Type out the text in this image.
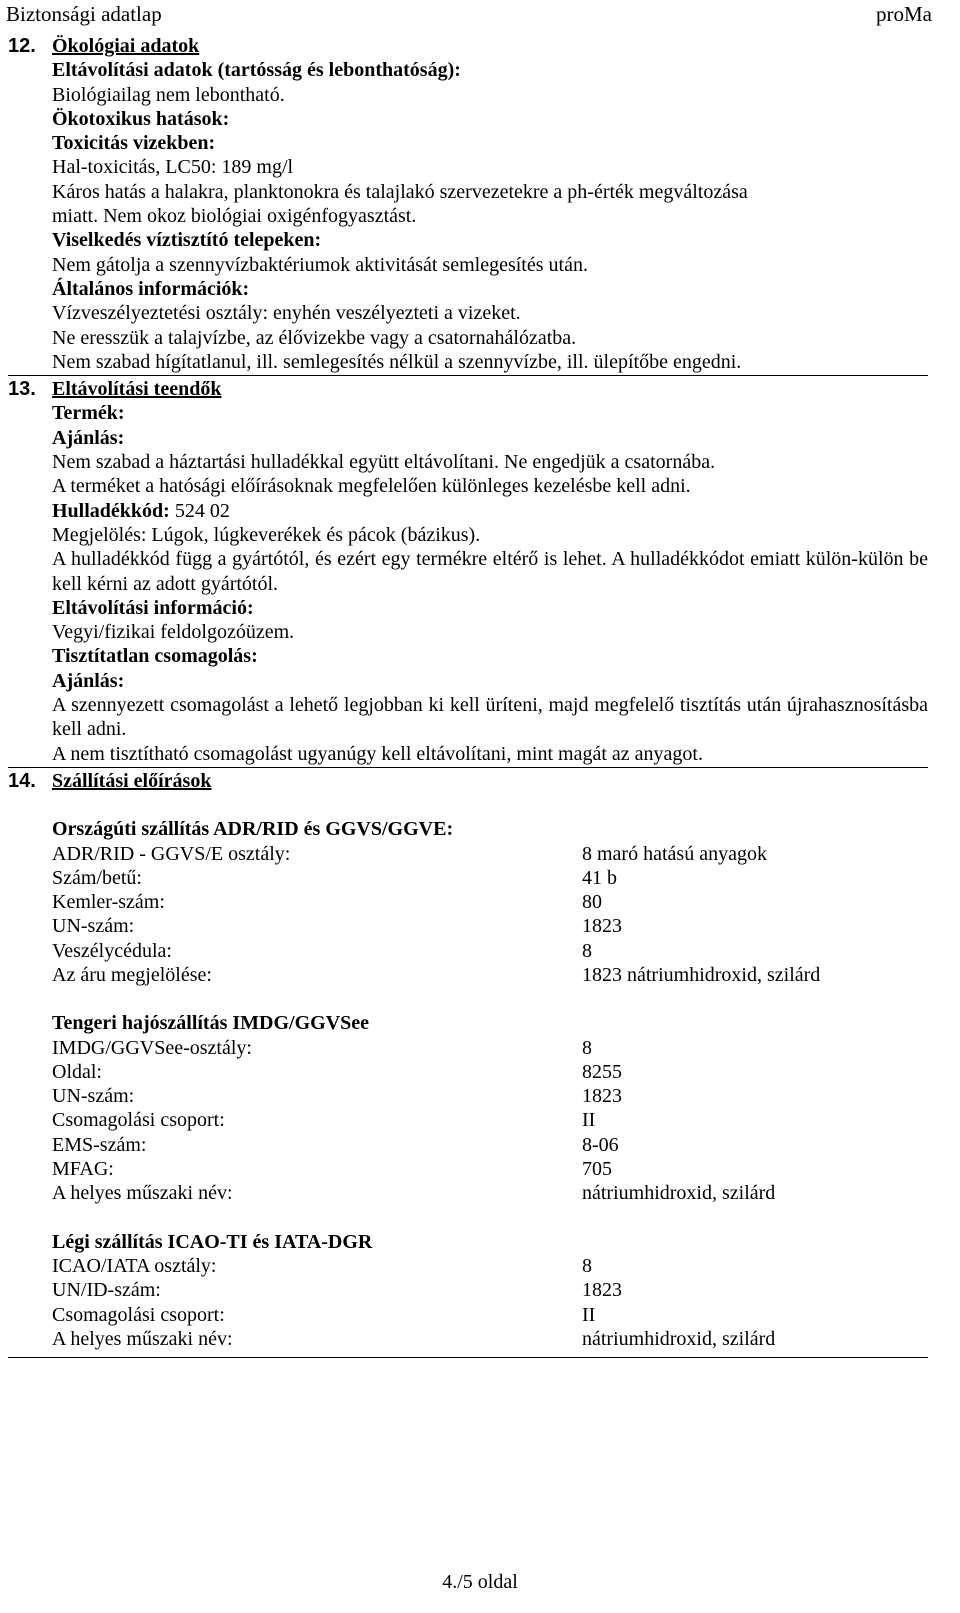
Biztonsági adatlap	proMa
12. Ökológiai adatok
Eltávolítási adatok (tartósság és lebonthatóság):
Biológiailag nem lebontható.
Ökotoxikus hatások:
Toxicitás vizekben:
Hal-toxicitás, LC50: 189 mg/l
Káros hatás a halakra, planktonokra és talajlakó szervezetekre a ph-érték megváltozása
miatt. Nem okoz biológiai oxigénfogyasztást.
Viselkedés víztisztító telepeken:
Nem gátolja a szennyvízbaktériumok aktivitását semlegesítés után.
Általános információk:
Vízveszélyeztetési osztály: enyhén veszélyezteti a vizeket.
Ne eresszük a talajvízbe, az élővizekbe vagy a csatornahálózatba.
Nem szabad hígítatlanul, ill. semlegesítés nélkül a szennyvízbe, ill. ülepítőbe engedni.
13. Eltávolítási teendők
Termék:
Ajánlás:
Nem szabad a háztartási hulladékkal együtt eltávolítani. Ne engedjük a csatornába.
A terméket a hatósági előírásoknak megfelelően különleges kezelésbe kell adni.
Hulladékkód: 524 02
Megjelölés: Lúgok, lúgkeverékek és pácok (bázikus).
A hulladékkód függ a gyártótól, és ezért egy termékre eltérő is lehet. A hulladékkódot emiatt külön-külön be kell kérni az adott gyártótól.
Eltávolítási információ:
Vegyi/fizikai feldolgozóüzem.
Tisztítatlan csomagolás:
Ajánlás:
A szennyezett csomagolást a lehető legjobban ki kell üríteni, majd megfelelő tisztítás után újrahasznosításba kell adni.
A nem tisztítható csomagolást ugyanúgy kell eltávolítani, mint magát az anyagot.
14. Szállítási előírások
Országúti szállítás ADR/RID és GGVS/GGVE:
ADR/RID - GGVS/E osztály:	8 maró hatású anyagok
Szám/betű:	41 b
Kemler-szám:	80
UN-szám:	1823
Veszélycédula:	8
Az áru megjelölése:	1823 nátriumhidroxid, szilárd
Tengeri hajószállítás IMDG/GGVSee
IMDG/GGVSee-osztály:	8
Oldal:	8255
UN-szám:	1823
Csomagolási csoport:	II
EMS-szám:	8-06
MFAG:	705
A helyes műszaki név:	nátriumhidroxid, szilárd
Légi szállítás ICAO-TI és IATA-DGR
ICAO/IATA osztály:	8
UN/ID-szám:	1823
Csomagolási csoport:	II
A helyes műszaki név:	nátriumhidroxid, szilárd
4./5 oldal
